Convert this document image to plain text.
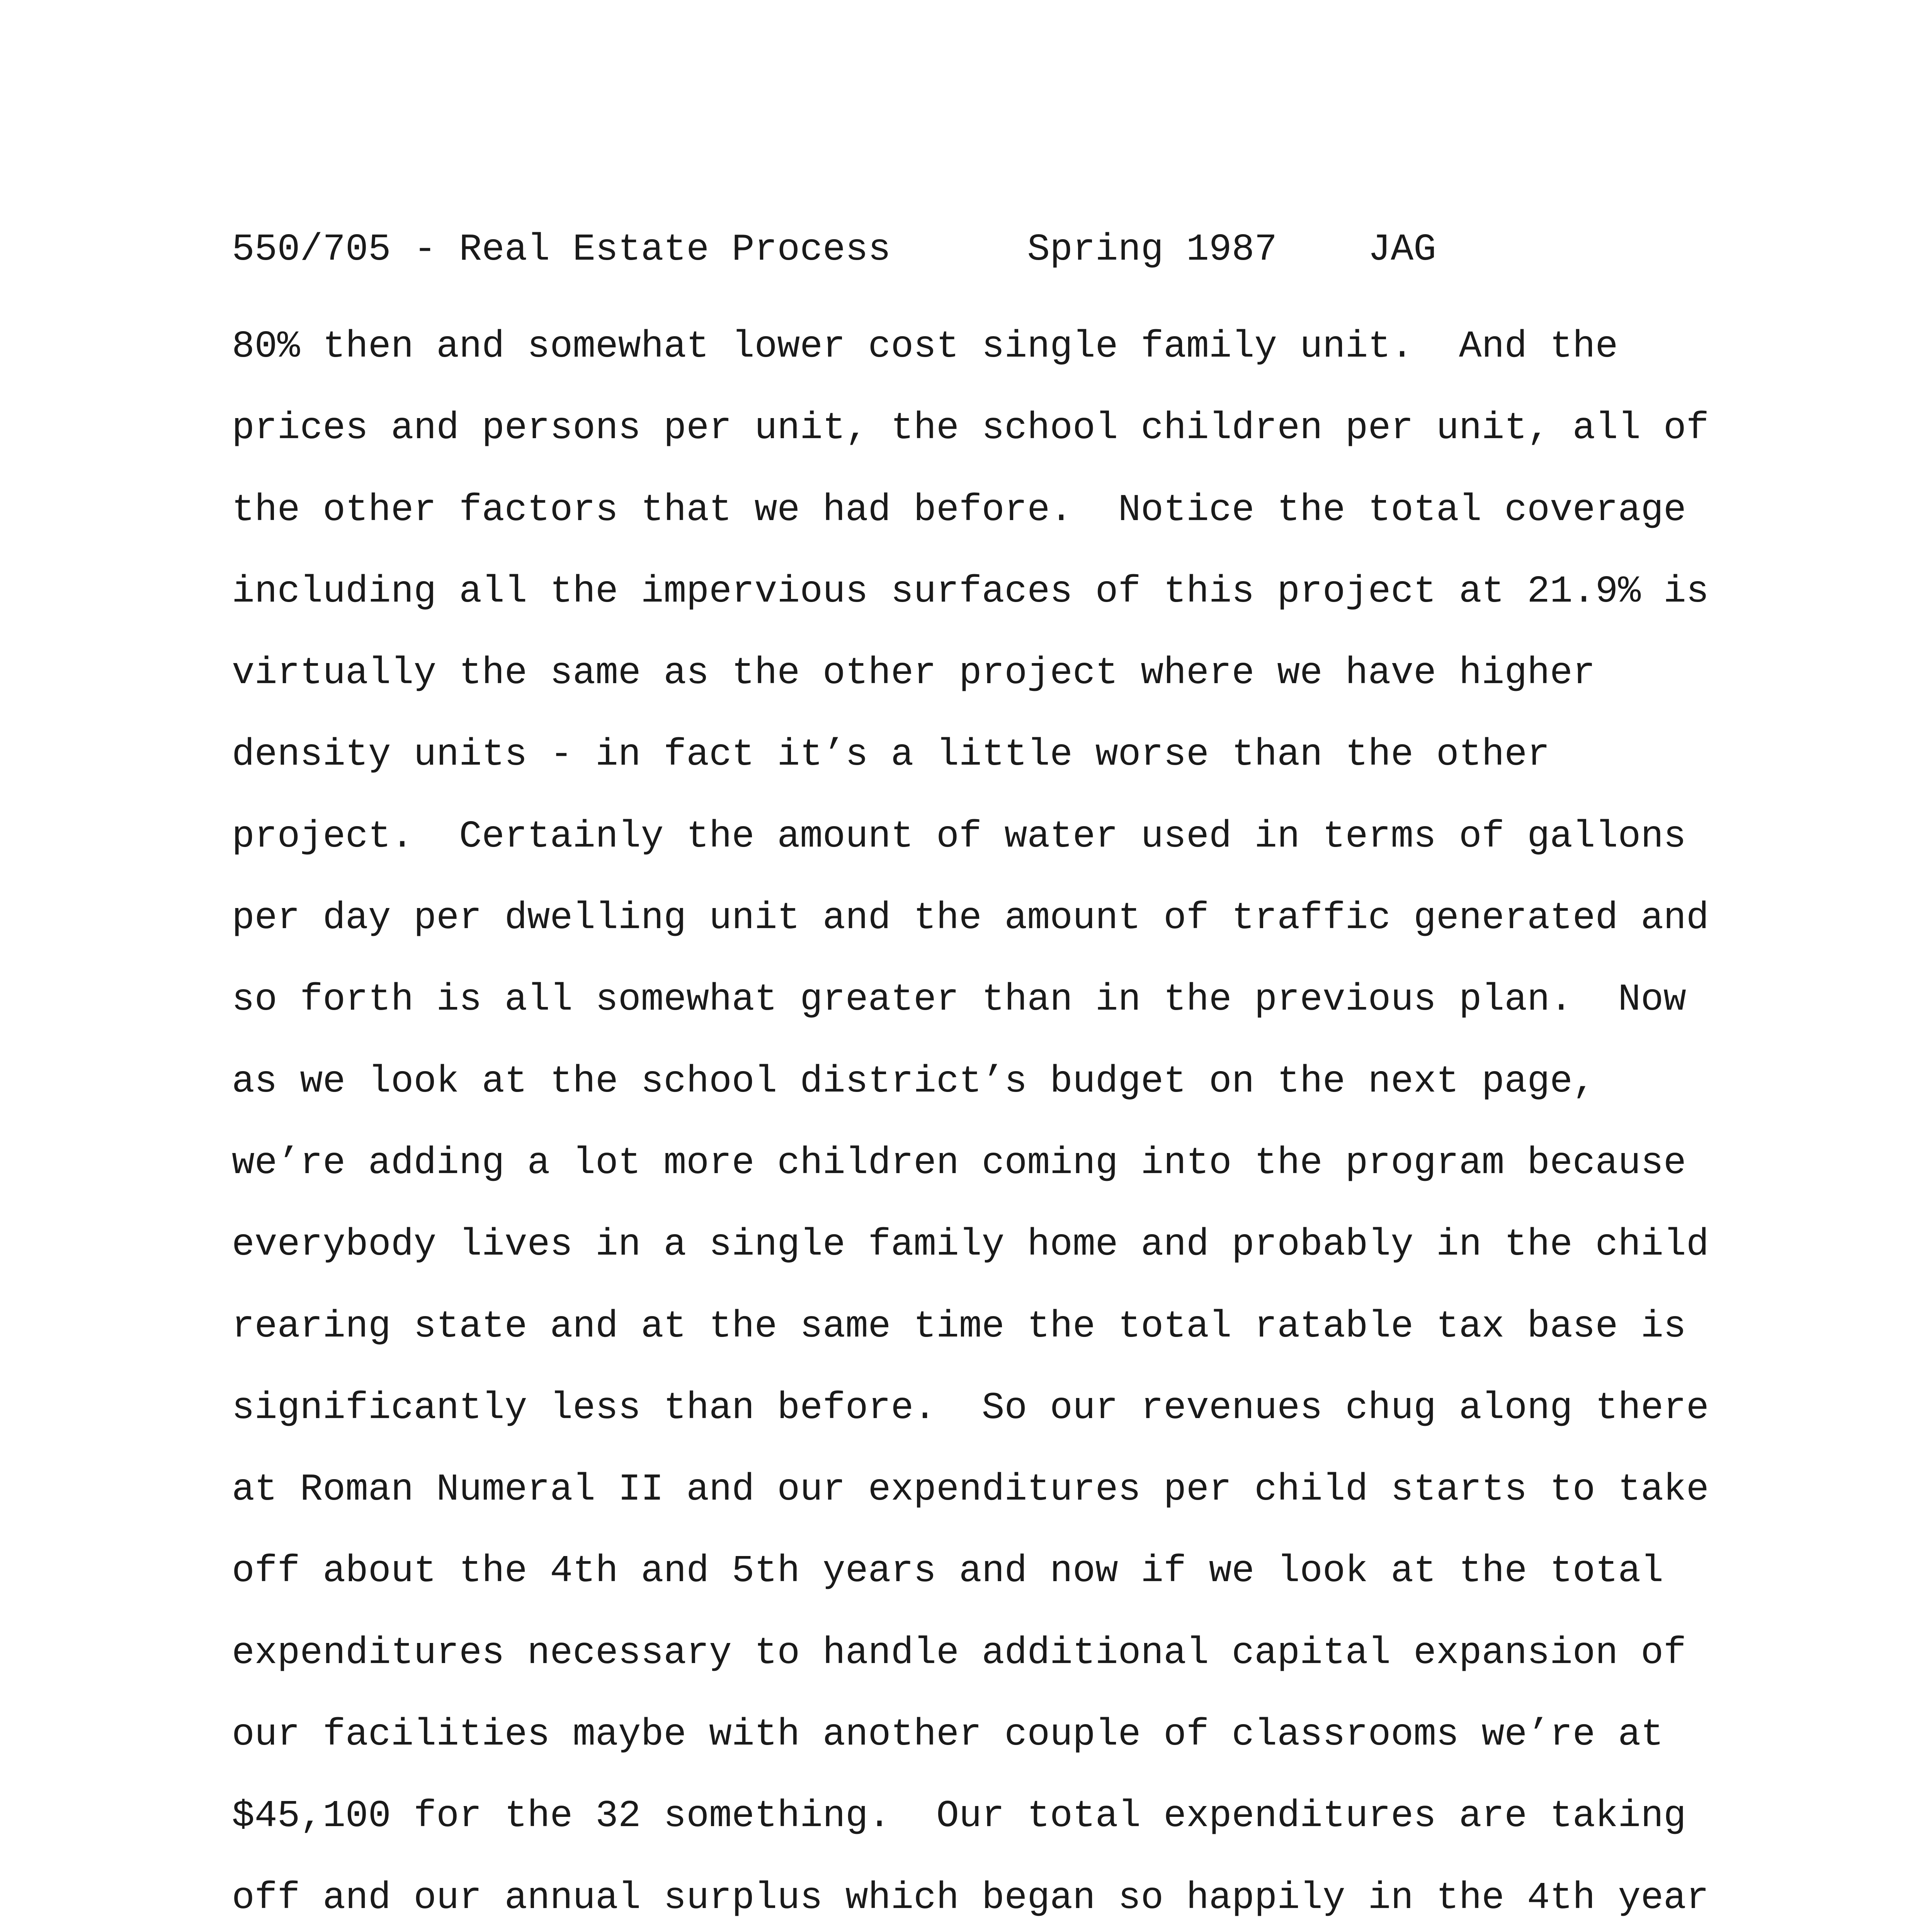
550/705 - Real Estate Process      Spring 1987    JAG
80% then and somewhat lower cost single family unit.  And the
prices and persons per unit, the school children per unit, all of
the other factors that we had before.  Notice the total coverage
including all the impervious surfaces of this project at 21.9% is
virtually the same as the other project where we have higher
density units - in fact it’s a little worse than the other
project.  Certainly the amount of water used in terms of gallons
per day per dwelling unit and the amount of traffic generated and
so forth is all somewhat greater than in the previous plan.  Now
as we look at the school district’s budget on the next page,
we’re adding a lot more children coming into the program because
everybody lives in a single family home and probably in the child
rearing state and at the same time the total ratable tax base is
significantly less than before.  So our revenues chug along there
at Roman Numeral II and our expenditures per child starts to take
off about the 4th and 5th years and now if we look at the total
expenditures necessary to handle additional capital expansion of
our facilities maybe with another couple of classrooms we’re at
$45,100 for the 32 something.  Our total expenditures are taking
off and our annual surplus which began so happily in the 4th year
